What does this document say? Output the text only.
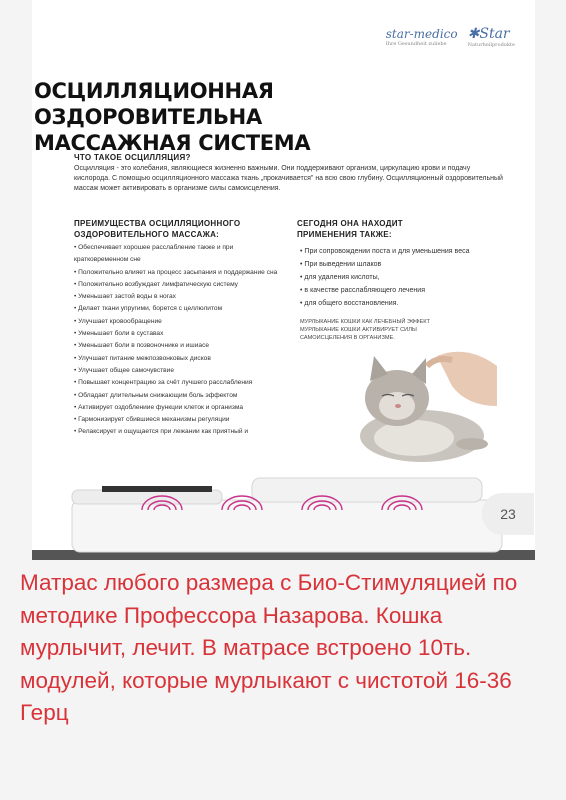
star-medico
Ihre Gesundheit zuliebe
✱Star
Naturheilprodukte
ОСЦИЛЛЯЦИОННАЯ ОЗДОРОВИТЕЛЬНА
МАССАЖНАЯ СИСТЕМА
ЧТО ТАКОЕ ОСЦИЛЛЯЦИЯ?
Осцилляция - это колебания, являющиеся жизненно важными. Они поддерживают организм, циркулацию крови и подачу кислорода. С помощью осцилляционного массажа ткань „прокачивается" на всю свою глубину. Осцилляционный оздоровительный массаж может активировать в организме силы самоисцеления.
ПРЕИМУЩЕСТВА ОСЦИЛЛЯЦИОННОГО
ОЗДОРОВИТЕЛЬНОГО МАССАЖА:
• Обеспечивает хорошее расслабление также и при кратковременном сне
• Положительно влияет на процесс засыпания и поддержание сна
• Положительно возбуждает лимфатическую систему
• Уменьшает застой воды в ногах
• Делает ткани упругими, борется с целлюлитом
• Улучшает кровообращение
• Уменьшает боли в суставах
• Уменьшает боли в позвоночнике и ишиасе
• Улучшает питание межпозвонковых дисков
• Улучшает общее самочувствие
• Повышает концентрацию за счёт лучшего расслабления
• Обладает длительным снижающим боль эффектом
• Активирует оздоблениие функции клеток и организма
• Гармонизирует сбившиеся механизмы регуляции
• Релаксирует и ощущается при лежании как приятный и
СЕГОДНЯ ОНА НАХОДИТ
ПРИМЕНЕНИЯ ТАКЖЕ:
• При сопровождении поста и для уменьшения веса
• При выведении шлаков
• для удаления кислоты,
• в качестве расслабляющего лечения
• для общего восстановления.
МУРЛЫКАНИЕ КОШКИ КАК ЛЕЧЕБНЫЙ ЭФФЕКТ
МУРЛЫКАНИЕ КОШКИ АКТИВИРУЕТ СИЛЫ
САМОИСЦЕЛЕНИЯ В ОРГАНИЗМЕ.
23
Матрас любого размера с Био-Стимуляцией по методике Профессора Назарова. Кошка мурлычит, лечит. В матрасе встроено 10ть. модулей, которые мурлыкают с чистотой 16-36 Герц
